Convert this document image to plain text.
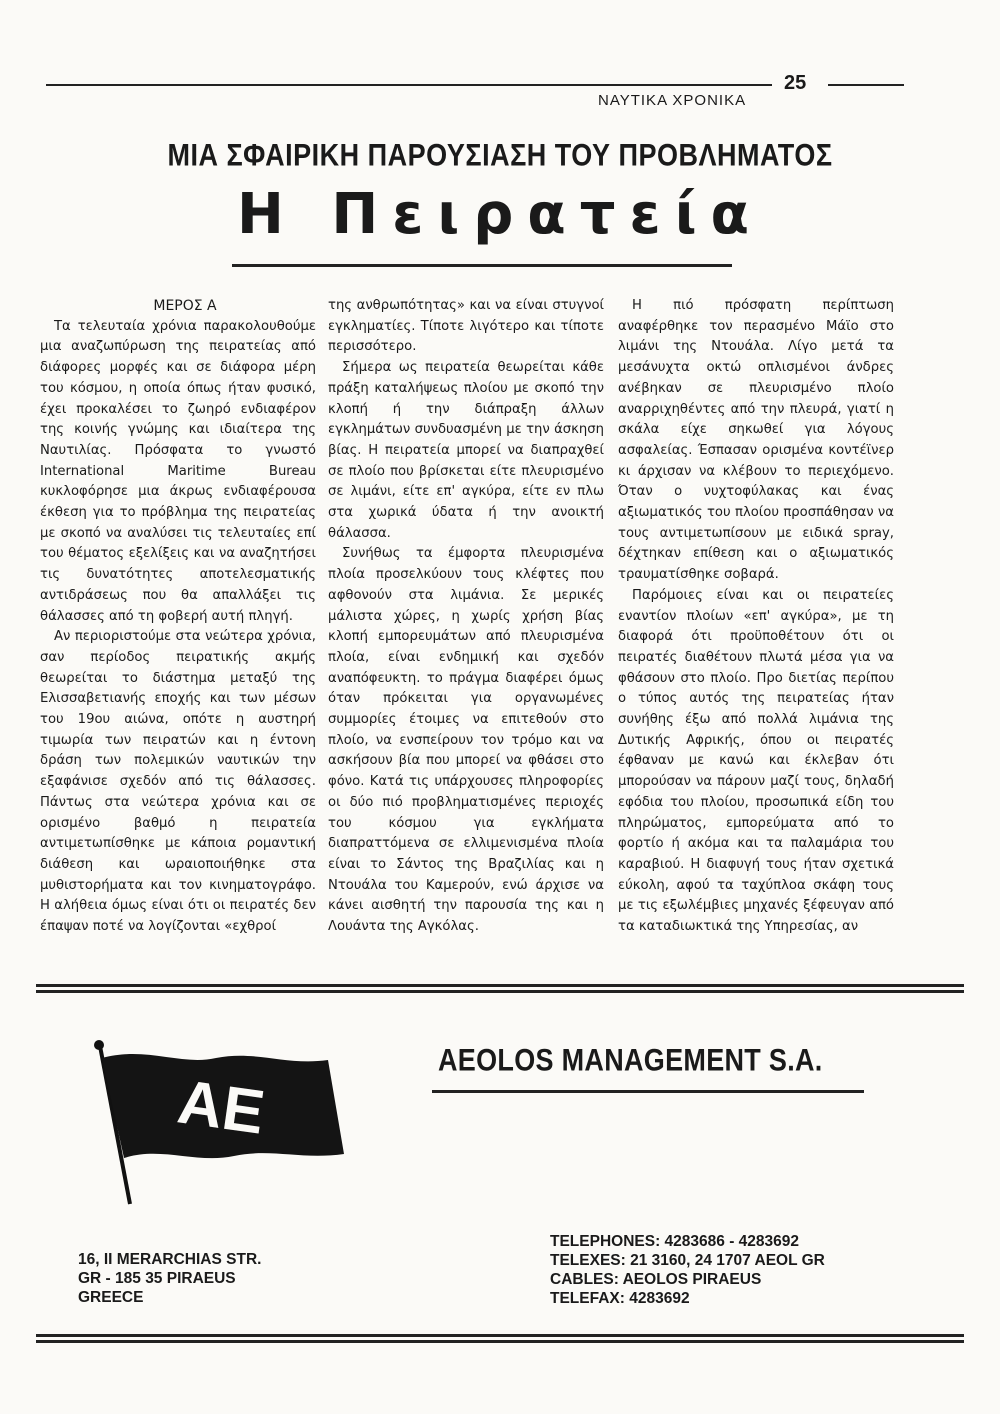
25
ΝΑΥΤΙΚΑ ΧΡΟΝΙΚΑ
ΜΙΑ ΣΦΑΙΡΙΚΗ ΠΑΡΟΥΣΙΑΣΗ ΤΟΥ ΠΡΟΒΛΗΜΑΤΟΣ
Η Πειρατεία

ΜΕΡΟΣ Α

Τα τελευταία χρόνια παρακολουθούμε μια αναζωπύρωση της πειρατείας από διάφορες μορφές και σε διάφορα μέρη του κόσμου, η οποία όπως ήταν φυσικό, έχει προκαλέσει το ζωηρό ενδιαφέρον της κοινής γνώμης και ιδιαίτερα της Ναυτιλίας. Πρόσφατα το γνωστό International Maritime Bureau κυκλοφόρησε μια άκρως ενδιαφέρουσα έκθεση για το πρόβλημα της πειρατείας με σκοπό να αναλύσει τις τελευταίες επί του θέματος εξελίξεις και να αναζητήσει τις δυνατότητες αποτελεσματικής αντιδράσεως που θα απαλλάξει τις θάλασσες από τη φοβερή αυτή πληγή.

Αν περιοριστούμε στα νεώτερα χρόνια, σαν περίοδος πειρατικής ακμής θεωρείται το διάστημα μεταξύ της Ελισσαβετιανής εποχής και των μέσων του 19ου αιώνα, οπότε η αυστηρή τιμωρία των πειρατών και η έντονη δράση των πολεμικών ναυτικών την εξαφάνισε σχεδόν από τις θάλασσες. Πάντως στα νεώτερα χρόνια και σε ορισμένο βαθμό η πειρατεία αντιμετωπίσθηκε με κάποια ρομαντική διάθεση και ωραιοποιήθηκε στα μυθιστορήματα και τον κινηματογράφο. Η αλήθεια όμως είναι ότι οι πειρατές δεν έπαψαν ποτέ να λογίζονται «εχθροί

της ανθρωπότητας» και να είναι στυγνοί εγκληματίες. Τίποτε λιγότερο και τίποτε περισσότερο.

Σήμερα ως πειρατεία θεωρείται κάθε πράξη καταλήψεως πλοίου με σκοπό την κλοπή ή την διάπραξη άλλων εγκλημάτων συνδυασμένη με την άσκηση βίας. Η πειρατεία μπορεί να διαπραχθεί σε πλοίο που βρίσκεται είτε πλευρισμένο σε λιμάνι, είτε επ' αγκύρα, είτε εν πλω στα χωρικά ύδατα ή την ανοικτή θάλασσα.

Συνήθως τα έμφορτα πλευρισμένα πλοία προσελκύουν τους κλέφτες που αφθονούν στα λιμάνια. Σε μερικές μάλιστα χώρες, η χωρίς χρήση βίας κλοπή εμπορευμάτων από πλευρισμένα πλοία, είναι ενδημική και σχεδόν αναπόφευκτη. το πράγμα διαφέρει όμως όταν πρόκειται για οργανωμένες συμμορίες έτοιμες να επιτεθούν στο πλοίο, να ενσπείρουν τον τρόμο και να ασκήσουν βία που μπορεί να φθάσει στο φόνο. Κατά τις υπάρχουσες πληροφορίες οι δύο πιό προβληματισμένες περιοχές του κόσμου για εγκλήματα διαπραττόμενα σε ελλιμενισμένα πλοία είναι το Σάντος της Βραζιλίας και η Ντουάλα του Καμερούν, ενώ άρχισε να κάνει αισθητή την παρουσία της και η Λουάντα της Αγκόλας.

Η πιό πρόσφατη περίπτωση αναφέρθηκε τον περασμένο Μάϊο στο λιμάνι της Ντουάλα. Λίγο μετά τα μεσάνυχτα οκτώ οπλισμένοι άνδρες ανέβηκαν σε πλευρισμένο πλοίο αναρριχηθέντες από την πλευρά, γιατί η σκάλα είχε σηκωθεί για λόγους ασφαλείας. Έσπασαν ορισμένα κοντέϊνερ κι άρχισαν να κλέβουν το περιεχόμενο. Όταν ο νυχτοφύλακας και ένας αξιωματικός του πλοίου προσπάθησαν να τους αντιμετωπίσουν με ειδικά spray, δέχτηκαν επίθεση και ο αξιωματικός τραυματίσθηκε σοβαρά.

Παρόμοιες είναι και οι πειρατείες εναντίον πλοίων «επ' αγκύρα», με τη διαφορά ότι προϋποθέτουν ότι οι πειρατές διαθέτουν πλωτά μέσα για να φθάσουν στο πλοίο. Προ διετίας περίπου ο τύπος αυτός της πειρατείας ήταν συνήθης έξω από πολλά λιμάνια της Δυτικής Αφρικής, όπου οι πειρατές έφθαναν με κανώ και έκλεβαν ότι μπορούσαν να πάρουν μαζί τους, δηλαδή εφόδια του πλοίου, προσωπικά είδη του πληρώματος, εμπορεύματα από το φορτίο ή ακόμα και τα παλαμάρια του καραβιού. Η διαφυγή τους ήταν σχετικά εύκολη, αφού τα ταχύπλοα σκάφη τους με τις εξωλέμβιες μηχανές ξέφευγαν από τα καταδιωκτικά της Υπηρεσίας, αν

AE
AEOLOS MANAGEMENT S.A.
16, II MERARCHIAS STR.
GR - 185 35 PIRAEUS
GREECE
TELEPHONES: 4283686 - 4283692
TELEXES: 21 3160, 24 1707 AEOL GR
CABLES: AEOLOS PIRAEUS
TELEFAX: 4283692
